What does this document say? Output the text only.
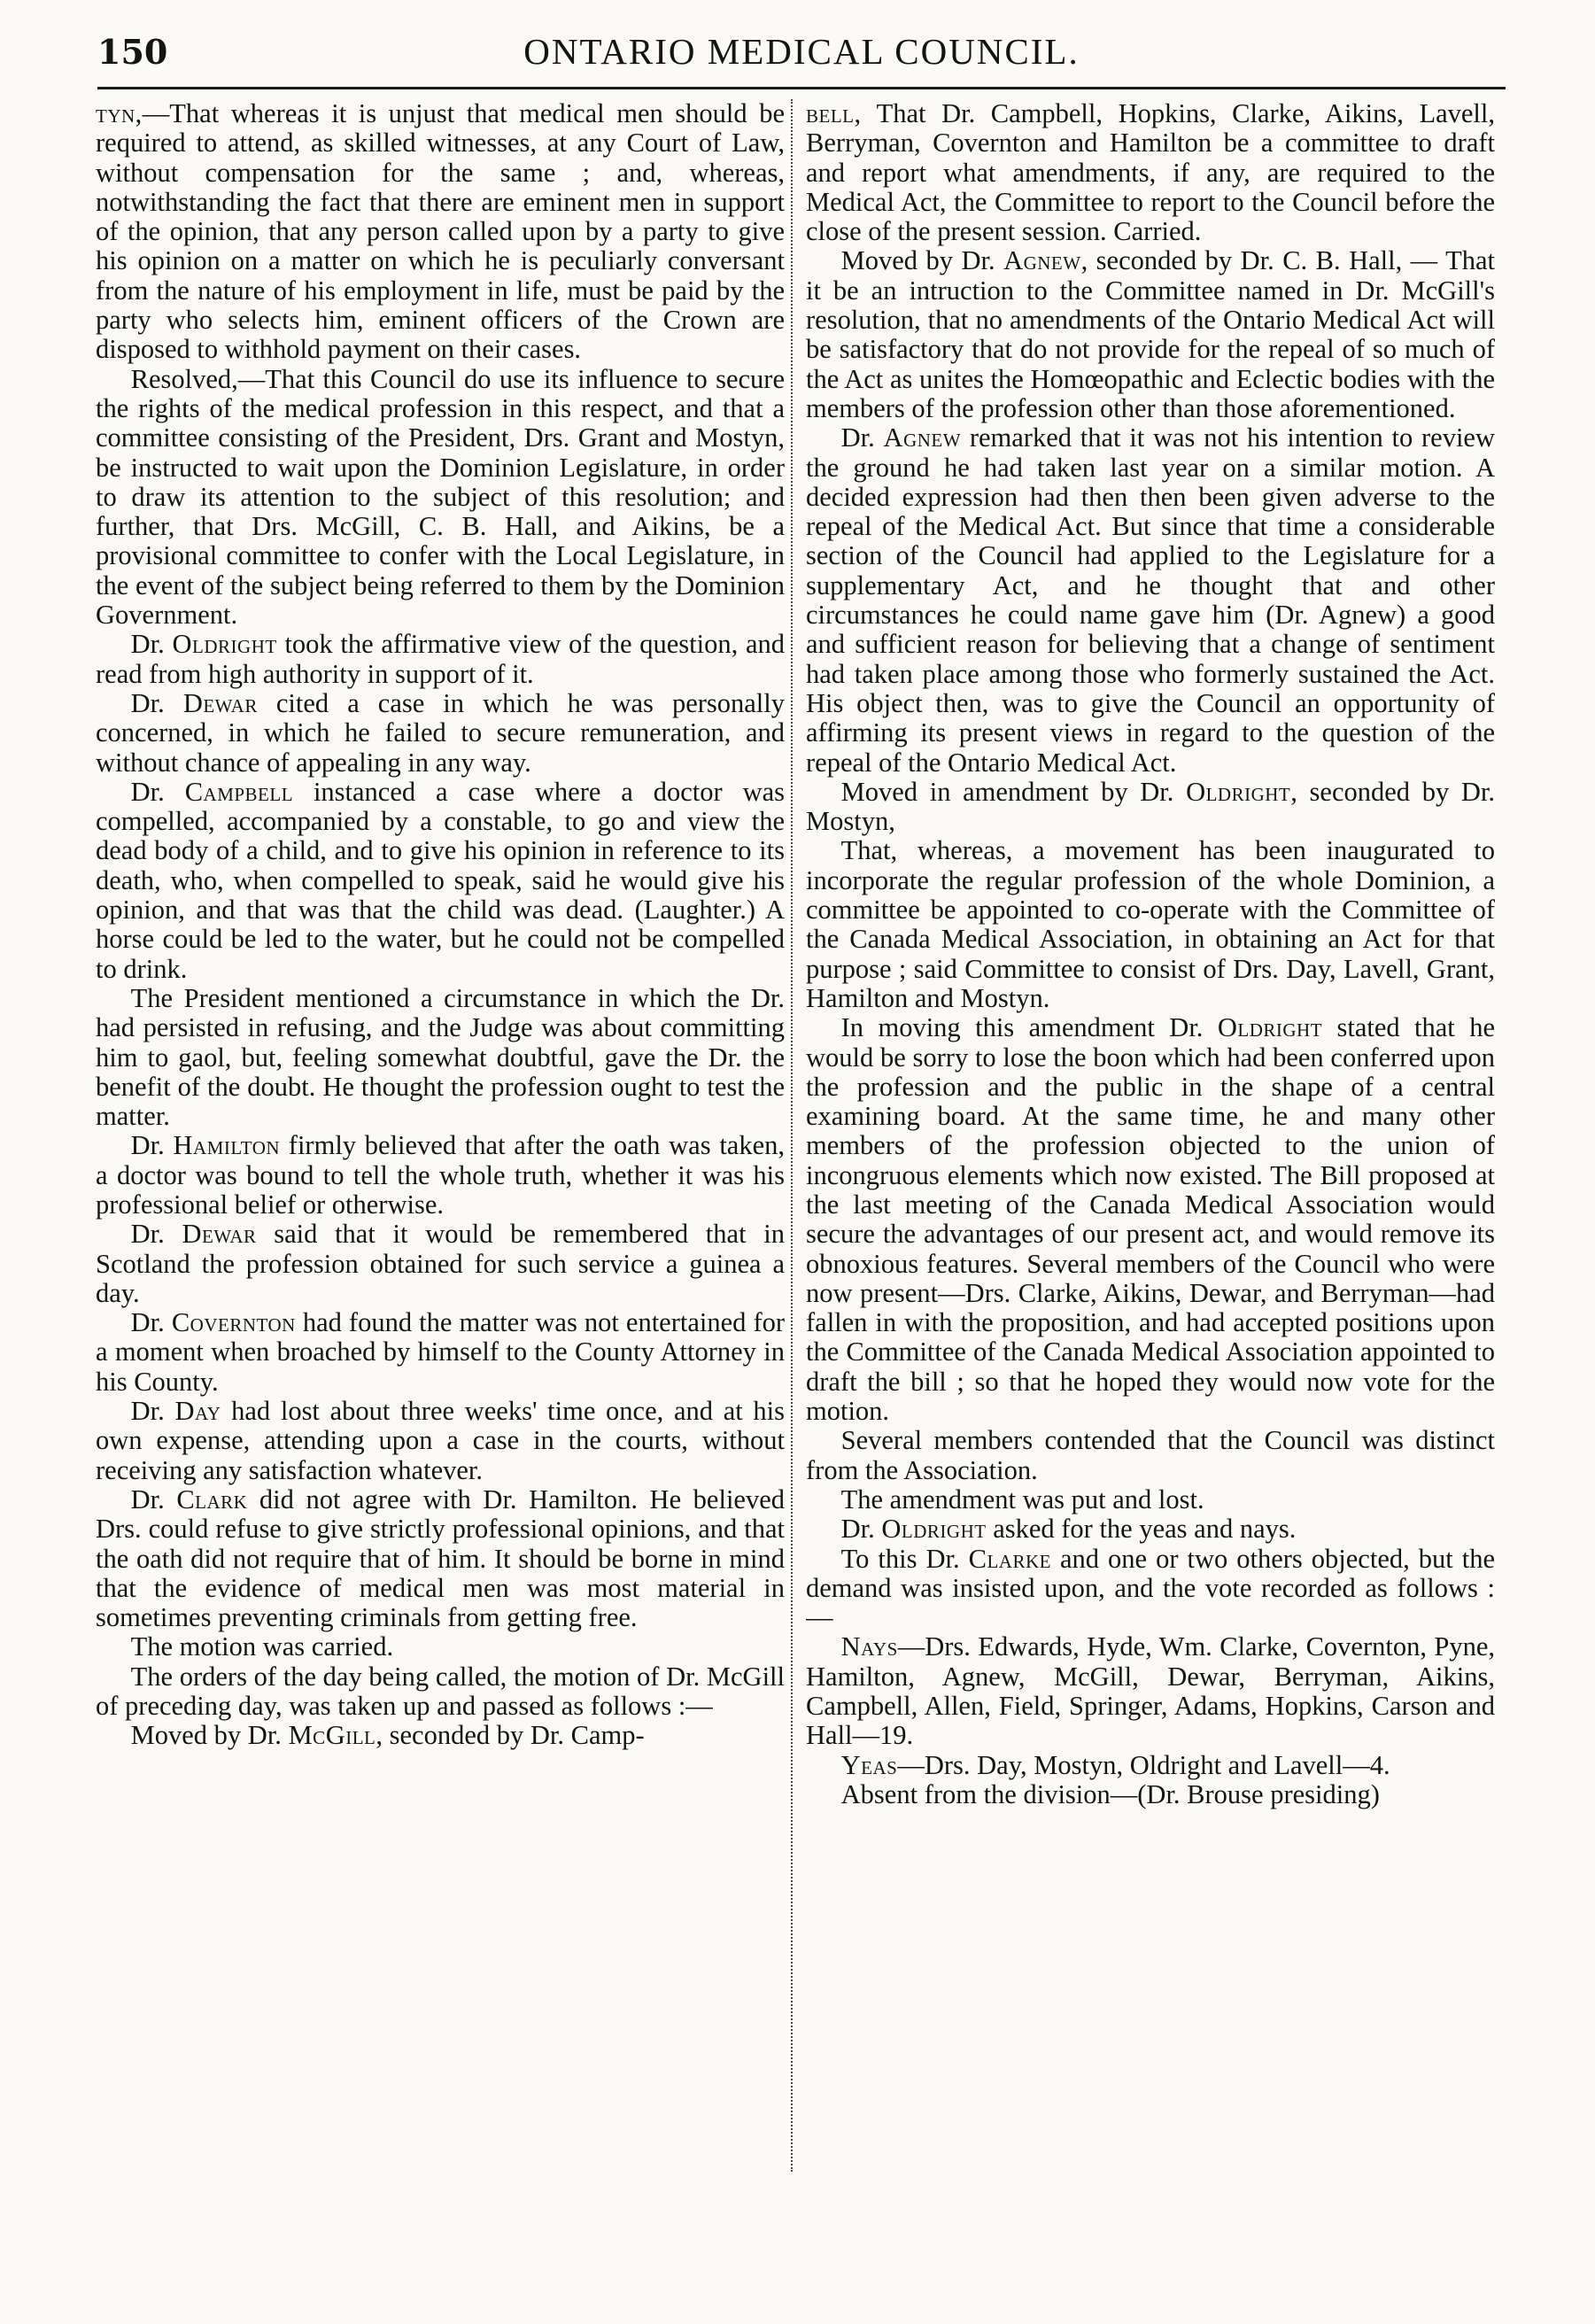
150	ONTARIO MEDICAL COUNCIL.

tyn,—That whereas it is unjust that medical men should be required to attend, as skilled witnesses, at any Court of Law, without compensation for the same ; and, whereas, notwithstanding the fact that there are eminent men in support of the opinion, that any person called upon by a party to give his opinion on a matter on which he is peculiarly conversant from the nature of his employment in life, must be paid by the party who selects him, eminent officers of the Crown are disposed to withhold payment on their cases.

Resolved,—That this Council do use its influence to secure the rights of the medical profession in this respect, and that a committee consisting of the President, Drs. Grant and Mostyn, be instructed to wait upon the Dominion Legislature, in order to draw its attention to the subject of this resolution; and further, that Drs. McGill, C. B. Hall, and Aikins, be a provisional committee to confer with the Local Legislature, in the event of the subject being referred to them by the Dominion Government.

Dr. Oldright took the affirmative view of the question, and read from high authority in support of it.

Dr. Dewar cited a case in which he was personally concerned, in which he failed to secure remuneration, and without chance of appealing in any way.

Dr. Campbell instanced a case where a doctor was compelled, accompanied by a constable, to go and view the dead body of a child, and to give his opinion in reference to its death, who, when compelled to speak, said he would give his opinion, and that was that the child was dead. (Laughter.) A horse could be led to the water, but he could not be compelled to drink.

The President mentioned a circumstance in which the Dr. had persisted in refusing, and the Judge was about committing him to gaol, but, feeling somewhat doubtful, gave the Dr. the benefit of the doubt. He thought the profession ought to test the matter.

Dr. Hamilton firmly believed that after the oath was taken, a doctor was bound to tell the whole truth, whether it was his professional belief or otherwise.

Dr. Dewar said that it would be remembered that in Scotland the profession obtained for such service a guinea a day.

Dr. Covernton had found the matter was not entertained for a moment when broached by himself to the County Attorney in his County.

Dr. Day had lost about three weeks' time once, and at his own expense, attending upon a case in the courts, without receiving any satisfaction whatever.

Dr. Clark did not agree with Dr. Hamilton. He believed Drs. could refuse to give strictly professional opinions, and that the oath did not require that of him. It should be borne in mind that the evidence of medical men was most material in sometimes preventing criminals from getting free.

The motion was carried.

The orders of the day being called, the motion of Dr. McGill of preceding day, was taken up and passed as follows :—

Moved by Dr. McGill, seconded by Dr. Camp-

bell, That Dr. Campbell, Hopkins, Clarke, Aikins, Lavell, Berryman, Covernton and Hamilton be a committee to draft and report what amendments, if any, are required to the Medical Act, the Committee to report to the Council before the close of the present session. Carried.

Moved by Dr. Agnew, seconded by Dr. C. B. Hall, — That it be an intruction to the Committee named in Dr. McGill's resolution, that no amendments of the Ontario Medical Act will be satisfactory that do not provide for the repeal of so much of the Act as unites the Homœopathic and Eclectic bodies with the members of the profession other than those aforementioned.

Dr. Agnew remarked that it was not his intention to review the ground he had taken last year on a similar motion. A decided expression had then then been given adverse to the repeal of the Medical Act. But since that time a considerable section of the Council had applied to the Legislature for a supplementary Act, and he thought that and other circumstances he could name gave him (Dr. Agnew) a good and sufficient reason for believing that a change of sentiment had taken place among those who formerly sustained the Act. His object then, was to give the Council an opportunity of affirming its present views in regard to the question of the repeal of the Ontario Medical Act.

Moved in amendment by Dr. Oldright, seconded by Dr. Mostyn,

That, whereas, a movement has been inaugurated to incorporate the regular profession of the whole Dominion, a committee be appointed to co-operate with the Committee of the Canada Medical Association, in obtaining an Act for that purpose ; said Committee to consist of Drs. Day, Lavell, Grant, Hamilton and Mostyn.

In moving this amendment Dr. Oldright stated that he would be sorry to lose the boon which had been conferred upon the profession and the public in the shape of a central examining board. At the same time, he and many other members of the profession objected to the union of incongruous elements which now existed. The Bill proposed at the last meeting of the Canada Medical Association would secure the advantages of our present act, and would remove its obnoxious features. Several members of the Council who were now present—Drs. Clarke, Aikins, Dewar, and Berryman—had fallen in with the proposition, and had accepted positions upon the Committee of the Canada Medical Association appointed to draft the bill ; so that he hoped they would now vote for the motion.

Several members contended that the Council was distinct from the Association.

The amendment was put and lost.

Dr. Oldright asked for the yeas and nays.

To this Dr. Clarke and one or two others objected, but the demand was insisted upon, and the vote recorded as follows :—

Nays—Drs. Edwards, Hyde, Wm. Clarke, Covernton, Pyne, Hamilton, Agnew, McGill, Dewar, Berryman, Aikins, Campbell, Allen, Field, Springer, Adams, Hopkins, Carson and Hall—19.

Yeas—Drs. Day, Mostyn, Oldright and Lavell—4.

Absent from the division—(Dr. Brouse presiding)
